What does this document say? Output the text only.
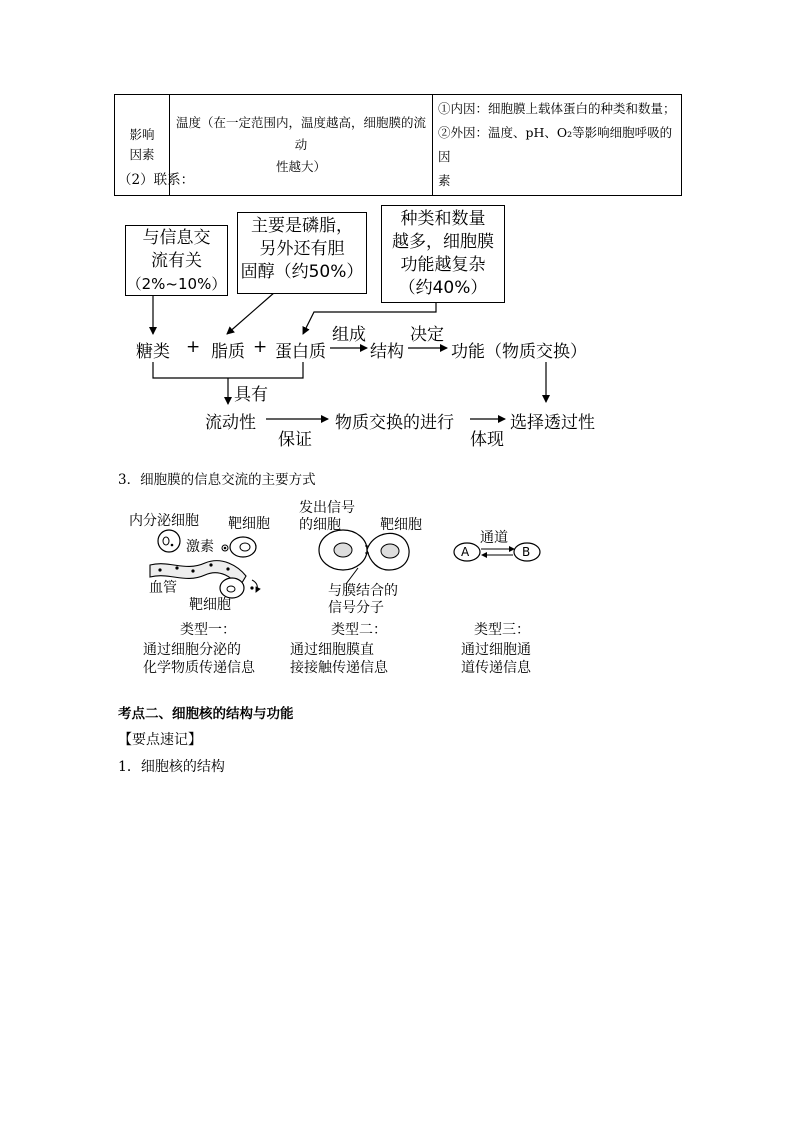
影响
因素

温度（在一定范围内，温度越高，细胞膜的流动
性越大）

①内因：细胞膜上载体蛋白的种类和数量；
②外因：温度、pH、O₂等影响细胞呼吸的因
素
（2）联系：
与信息交
流有关
（2%~10%）
主要是磷脂，
另外还有胆
固醇（约50%）
种类和数量
越多，细胞膜
功能越复杂
（约40%）
糖类 + 脂质 + 蛋白质
组成
结构
决定
功能（物质交换）
具有
流动性
保证
物质交换的进行
体现
选择透过性
3．细胞膜的信息交流的主要方式
内分泌细胞 靶细胞
激素
血管
靶细胞
类型一：
通过细胞分泌的
化学物质传递信息
发出信号
的细胞	靶细胞
与膜结合的
信号分子
类型二：
通过细胞膜直
接接触传递信息
通道
A	B
类型三：
通过细胞通
道传递信息
考点二、细胞核的结构与功能
【要点速记】
1．细胞核的结构
